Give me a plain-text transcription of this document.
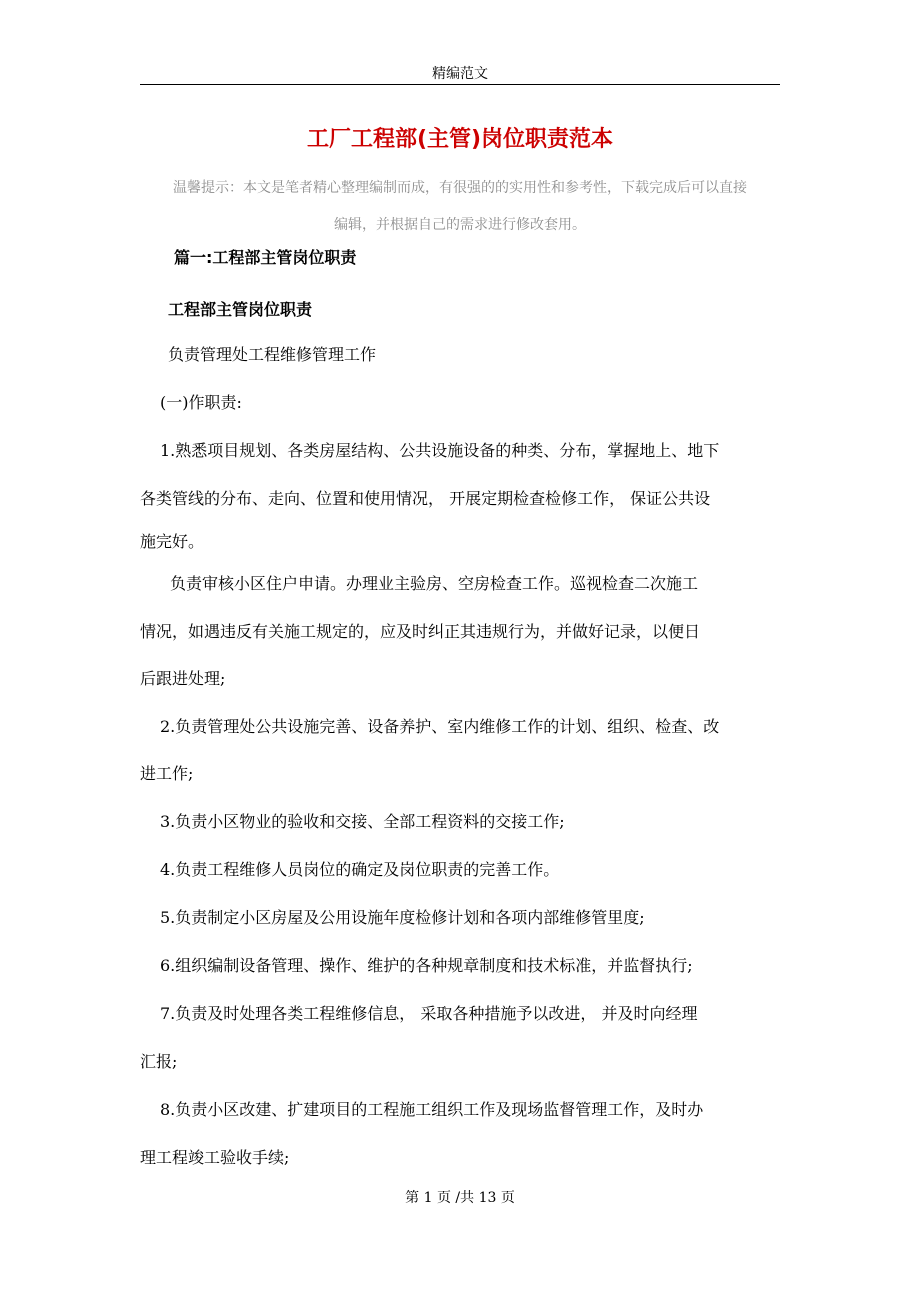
精编范文
工厂工程部(主管)岗位职责范本
温馨提示：本文是笔者精心整理编制而成，有很强的的实用性和参考性，下载完成后可以直接
编辑，并根据自己的需求进行修改套用。
篇一:工程部主管岗位职责
工程部主管岗位职责
负责管理处工程维修管理工作
(一)作职责:
1.熟悉项目规划、各类房屋结构、公共设施设备的种类、分布，掌握地上、地下
各类管线的分布、走向、位置和使用情况， 开展定期检查检修工作， 保证公共设
施完好。
负责审核小区住户申请。办理业主验房、空房检查工作。巡视检查二次施工
情况，如遇违反有关施工规定的，应及时纠正其违规行为，并做好记录，以便日
后跟进处理;
2.负责管理处公共设施完善、设备养护、室内维修工作的计划、组织、检查、改
进工作;
3.负责小区物业的验收和交接、全部工程资料的交接工作;
4.负责工程维修人员岗位的确定及岗位职责的完善工作。
5.负责制定小区房屋及公用设施年度检修计划和各项内部维修管里度;
6.组织编制设备管理、操作、维护的各种规章制度和技术标准，并监督执行;
7.负责及时处理各类工程维修信息， 采取各种措施予以改进， 并及时向经理
汇报;
8.负责小区改建、扩建项目的工程施工组织工作及现场监督管理工作，及时办
理工程竣工验收手续;
第 1 页 /共 13 页
